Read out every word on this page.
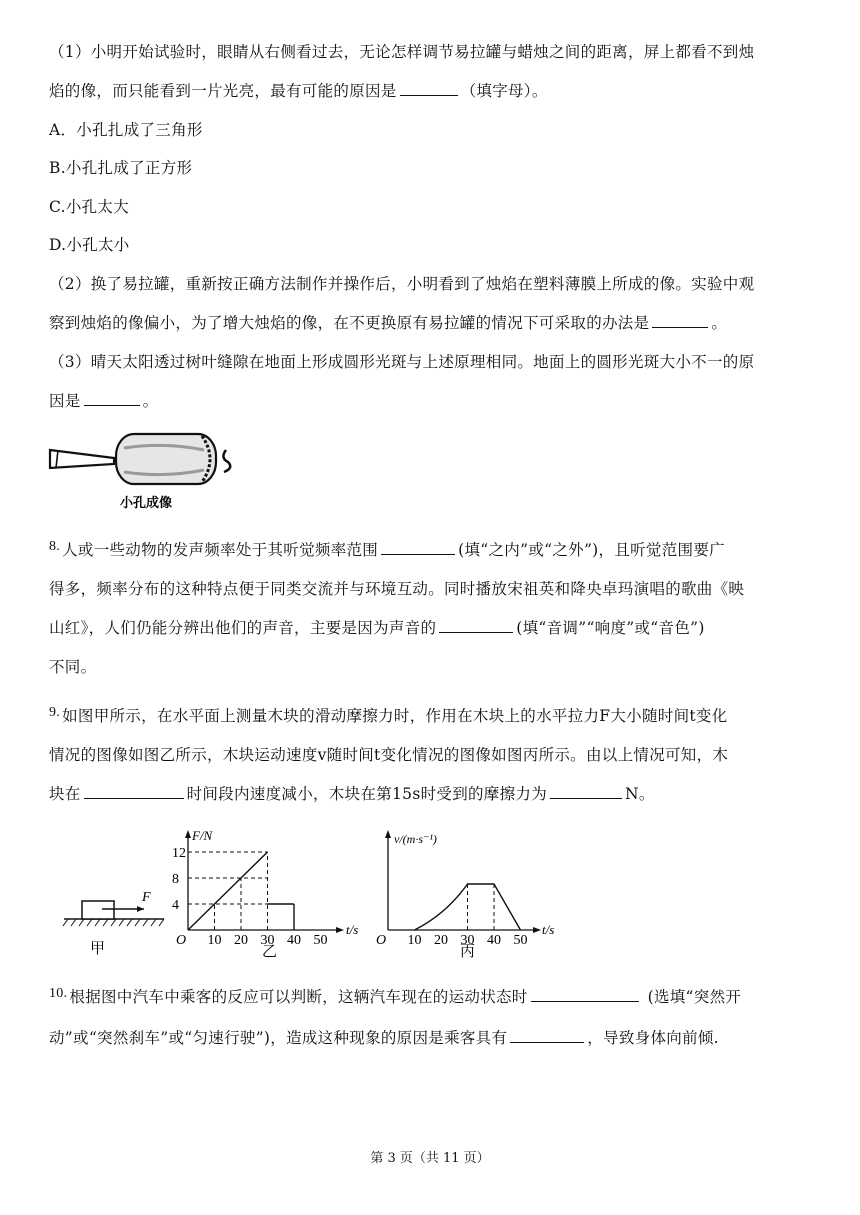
（1）小明开始试验时，眼睛从右侧看过去，无论怎样调节易拉罐与蜡烛之间的距离，屏上都看不到烛
焰的像，而只能看到一片光亮，最有可能的原因是	（填字母）。
A．小孔扎成了三角形
B.小孔扎成了正方形
C.小孔太大
D.小孔太小
（2）换了易拉罐，重新按正确方法制作并操作后，小明看到了烛焰在塑料薄膜上所成的像。实验中观
察到烛焰的像偏小，为了增大烛焰的像，在不更换原有易拉罐的情况下可采取的办法是	。
（3）晴天太阳透过树叶缝隙在地面上形成圆形光斑与上述原理相同。地面上的圆形光斑大小不一的原
因是	。
小孔成像
8. 人或一些动物的发声频率处于其听觉频率范围	(填“之内”或“之外”)，且听觉范围要广
得多，频率分布的这种特点便于同类交流并与环境互动。同时播放宋祖英和降央卓玛演唱的歌曲《映
山红》，人们仍能分辨出他们的声音，主要是因为声音的	(填“音调”“响度”或“音色”)
不同。
9. 如图甲所示，在水平面上测量木块的滑动摩擦力时，作用在木块上的水平拉力F大小随时间t变化
情况的图像如图乙所示，木块运动速度v随时间t变化情况的图像如图丙所示。由以上情况可知，木
块在	时间段内速度减小，木块在第15s时受到的摩擦力为	N。
F
甲
F/N
t/s
O 10 20 30 40 50
4
8
12
乙
v/(m·s⁻¹)
t/s
O 10 20 30 40 50
丙
10. 根据图中汽车中乘客的反应可以判断，这辆汽车现在的运动状态时	(选填“突然开
动”或“突然刹车”或“匀速行驶”)，造成这种现象的原因是乘客具有	，导致身体向前倾.
第 3 页（共 11 页）
